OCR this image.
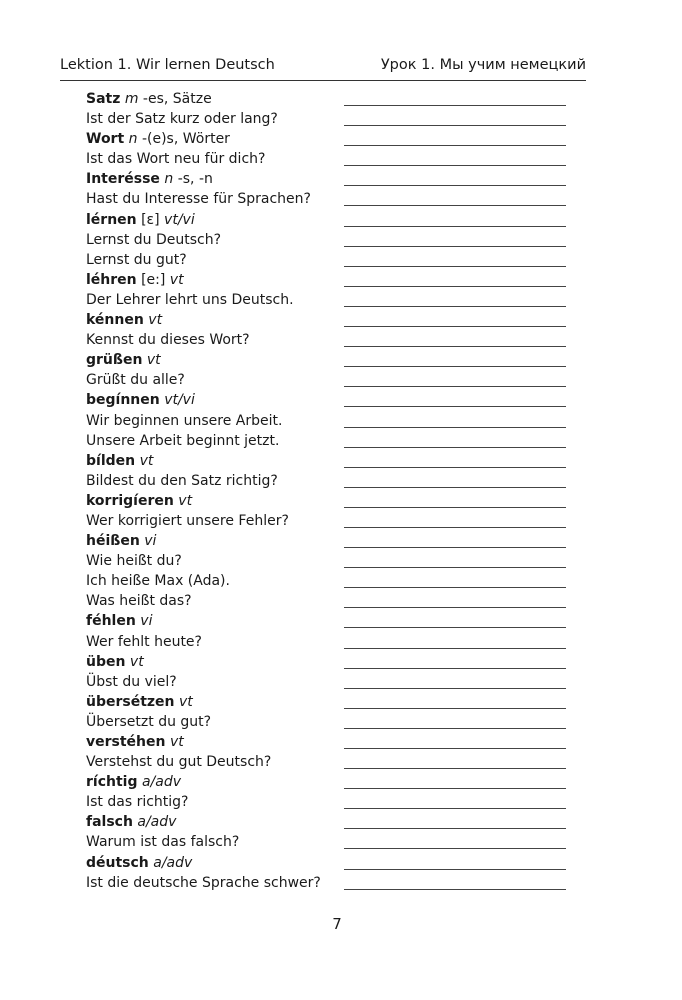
Lektion 1. Wir lernen Deutsch	Урок 1. Мы учим немецкий
Satz m -es, Sätze
Ist der Satz kurz oder lang?
Wort n -(e)s, Wörter
Ist das Wort neu für dich?
Interésse n -s, -n
Hast du Interesse für Sprachen?
lérnen [ε] vt/vi
Lernst du Deutsch?
Lernst du gut?
léhren [e:] vt
Der Lehrer lehrt uns Deutsch.
kénnen vt
Kennst du dieses Wort?
grüßen vt
Grüßt du alle?
begínnen vt/vi
Wir beginnen unsere Arbeit.
Unsere Arbeit beginnt jetzt.
bílden vt
Bildest du den Satz richtig?
korrigíeren vt
Wer korrigiert unsere Fehler?
héißen vi
Wie heißt du?
Ich heiße Max (Ada).
Was heißt das?
féhlen vi
Wer fehlt heute?
üben vt
Übst du viel?
übersétzen vt
Übersetzt du gut?
verstéhen vt
Verstehst du gut Deutsch?
ríchtig a/adv
Ist das richtig?
falsch a/adv
Warum ist das falsch?
déutsch a/adv
Ist die deutsche Sprache schwer?
7
